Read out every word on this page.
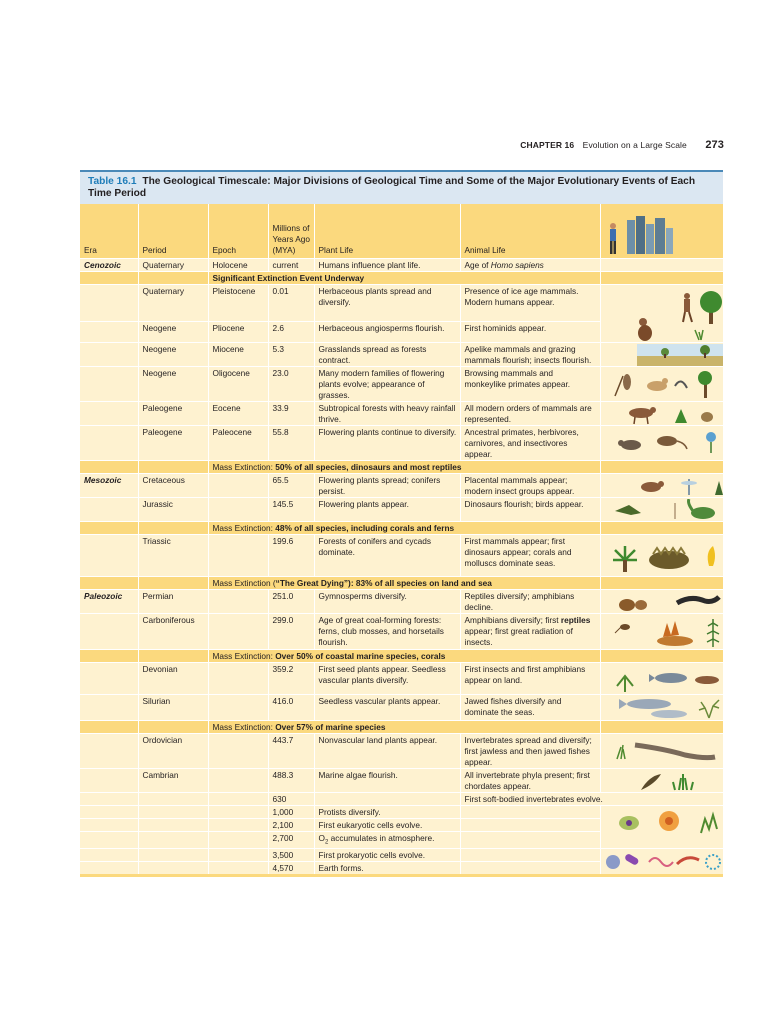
CHAPTER 16 Evolution on a Large Scale 273
Table 16.1 The Geological Timescale: Major Divisions of Geological Time and Some of the Major Evolutionary Events of Each Time Period
Era	Period	Epoch	Millions of Years Ago (MYA)	Plant Life	Animal Life	

Cenozoic	Quaternary	Holocene	current	Humans influence plant life.	Age of Homo sapiens	
		Significant Extinction Event Underway				
	Quaternary	Pleistocene	0.01	Herbaceous plants spread and diversify.	Presence of ice age mammals. Modern humans appear.	

	Neogene	Pliocene	2.6	Herbaceous angiosperms flourish.	First hominids appear.	
	Neogene	Miocene	5.3	Grasslands spread as forests contract.	Apelike mammals and grazing mammals flourish; insects flourish.	

	Neogene	Oligocene	23.0	Many modern families of flowering plants evolve; appearance of grasses.	Browsing mammals and monkeylike primates appear.	

	Paleogene	Eocene	33.9	Subtropical forests with heavy rainfall thrive.	All modern orders of mammals are represented.	

	Paleogene	Paleocene	55.8	Flowering plants continue to diversify.	Ancestral primates, herbivores, carnivores, and insectivores appear.	

		Mass Extinction: 50% of all species, dinosaurs and most reptiles				
Mesozoic	Cretaceous		65.5	Flowering plants spread; conifers persist.	Placental mammals appear; modern insect groups appear.	

	Jurassic		145.5	Flowering plants appear.	Dinosaurs flourish; birds appear.	

		Mass Extinction: 48% of all species, including corals and ferns				
	Triassic		199.6	Forests of conifers and cycads dominate.	First mammals appear; first dinosaurs appear; corals and molluscs dominate seas.	

		Mass Extinction (“The Great Dying”): 83% of all species on land and sea				
Paleozoic	Permian		251.0	Gymnosperms diversify.	Reptiles diversify; amphibians decline.	

	Carboniferous		299.0	Age of great coal-forming forests: ferns, club mosses, and horsetails flourish.	Amphibians diversify; first reptiles appear; first great radiation of insects.	

		Mass Extinction: Over 50% of coastal marine species, corals				
	Devonian		359.2	First seed plants appear. Seedless vascular plants diversify.	First insects and first amphibians appear on land.	

	Silurian		416.0	Seedless vascular plants appear.	Jawed fishes diversify and dominate the seas.	

		Mass Extinction: Over 57% of marine species				
	Ordovician		443.7	Nonvascular land plants appear.	Invertebrates spread and diversify; first jawless and then jawed fishes appear.	

	Cambrian		488.3	Marine algae flourish.	All invertebrate phyla present; first chordates appear.	

			630		First soft-bodied invertebrates evolve.	
			1,000	Protists diversify.		

			2,100	First eukaryotic cells evolve.		
			2,700	$O_2$ accumulates in atmosphere.		
			3,500	First prokaryotic cells evolve.		

			4,570	Earth forms.		
